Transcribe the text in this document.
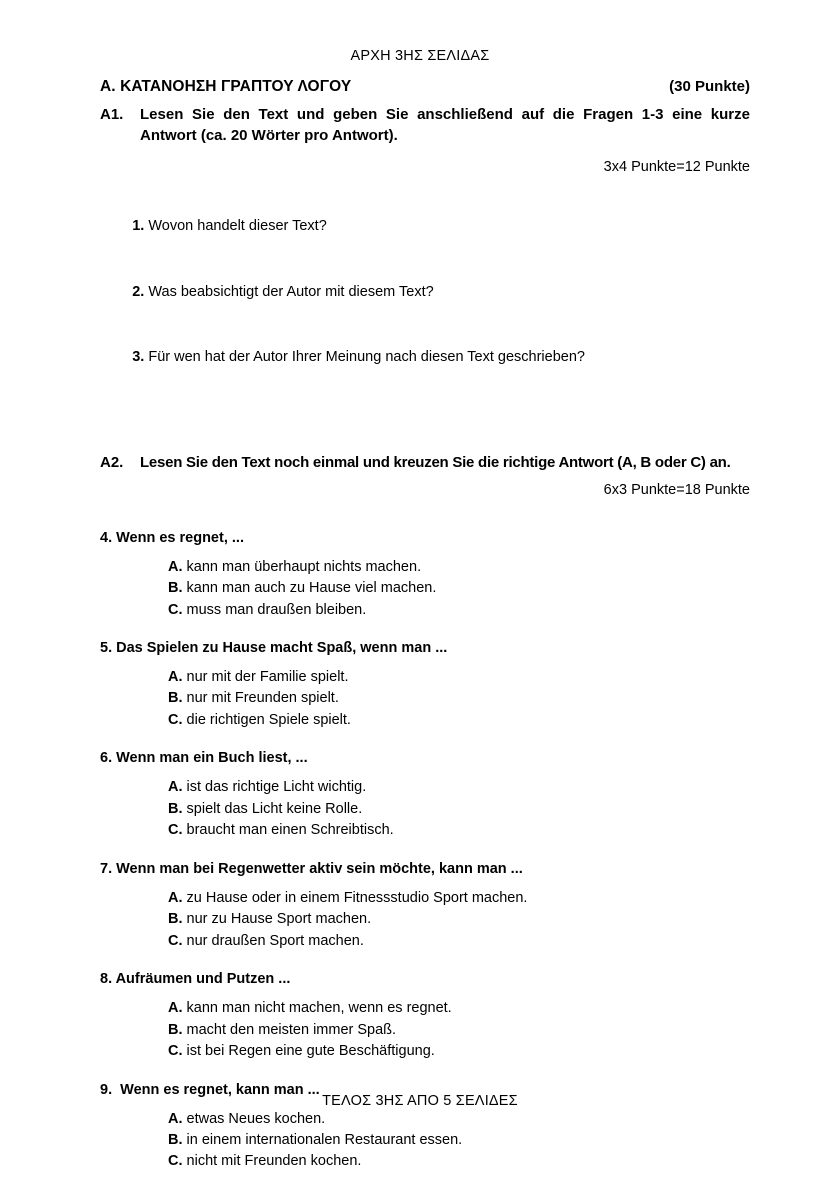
ΑΡΧΗ 3ΗΣ ΣΕΛΙΔΑΣ
Α. ΚΑΤΑΝΟΗΣΗ ΓΡΑΠΤΟΥ ΛΟΓΟΥ	(30 Punkte)
A1.	Lesen Sie den Text und geben Sie anschließend auf die Fragen 1-3 eine kurze Antwort (ca. 20 Wörter pro Antwort).
3x4 Punkte=12 Punkte

1. Wovon handelt dieser Text?

2. Was beabsichtigt der Autor mit diesem Text?

3. Für wen hat der Autor Ihrer Meinung nach diesen Text geschrieben?

A2.	Lesen Sie den Text noch einmal und kreuzen Sie die richtige Antwort (A, B oder C) an.
6x3 Punkte=18 Punkte
4. Wenn es regnet, ...
A. kann man überhaupt nichts machen.
B. kann man auch zu Hause viel machen.
C. muss man draußen bleiben.
5. Das Spielen zu Hause macht Spaß, wenn man ...
A. nur mit der Familie spielt.
B. nur mit Freunden spielt.
C. die richtigen Spiele spielt.
6. Wenn man ein Buch liest, ...
A. ist das richtige Licht wichtig.
B. spielt das Licht keine Rolle.
C. braucht man einen Schreibtisch.
7. Wenn man bei Regenwetter aktiv sein möchte, kann man ...
A. zu Hause oder in einem Fitnessstudio Sport machen.
B. nur zu Hause Sport machen.
C. nur draußen Sport machen.
8. Aufräumen und Putzen ...
A. kann man nicht machen, wenn es regnet.
B. macht den meisten immer Spaß.
C. ist bei Regen eine gute Beschäftigung.
9.  Wenn es regnet, kann man ...
A. etwas Neues kochen.
B. in einem internationalen Restaurant essen.
C. nicht mit Freunden kochen.
ΤΕΛΟΣ 3ΗΣ ΑΠΟ 5 ΣΕΛΙΔΕΣ
